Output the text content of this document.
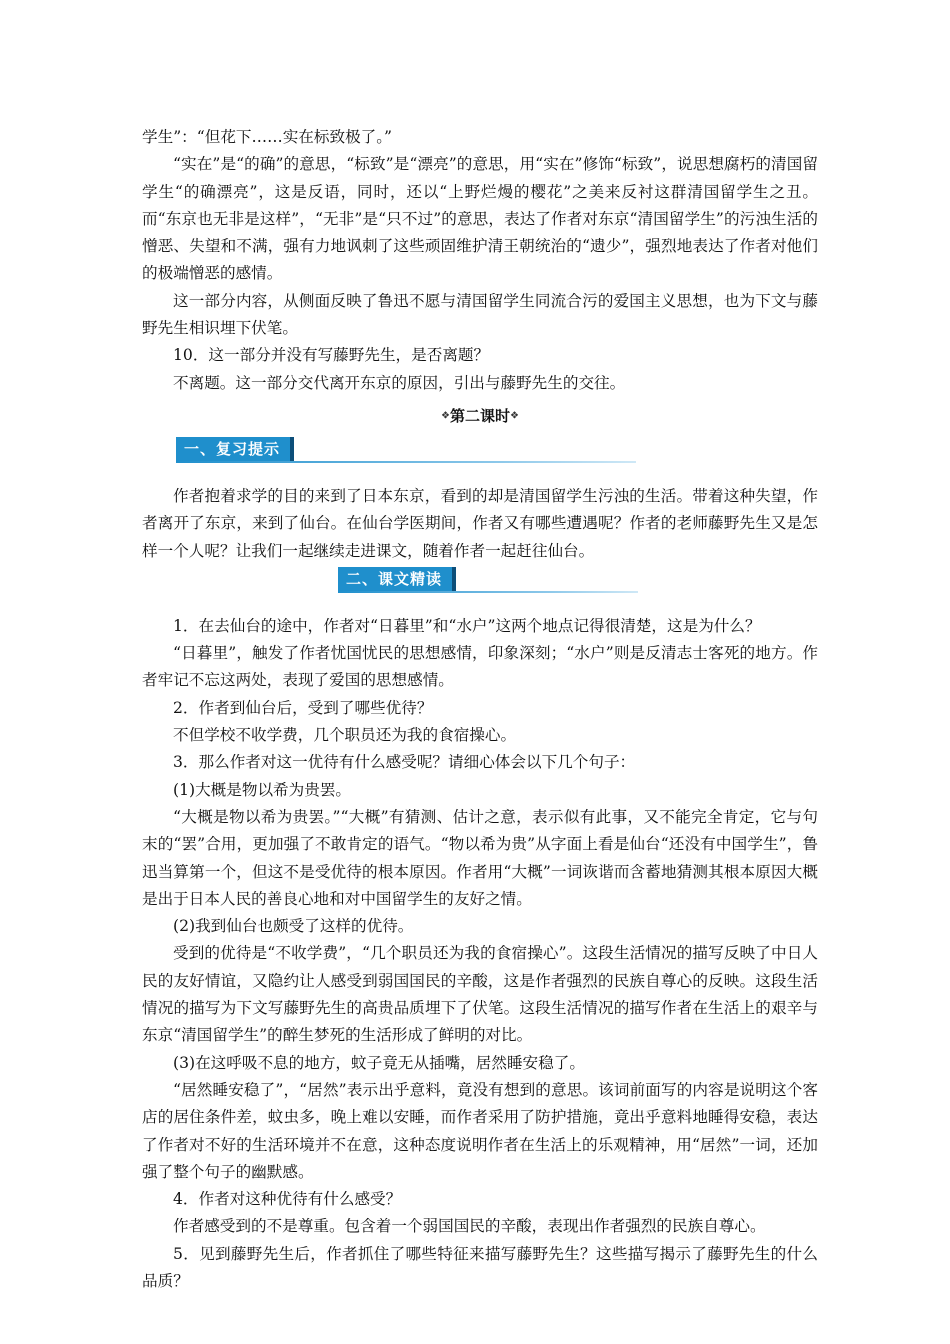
学生”：“但花下……实在标致极了。”

“实在”是“的确”的意思，“标致”是“漂亮”的意思，用“实在”修饰“标致”，说思想腐朽的清国留学生“的确漂亮”，这是反语，同时，还以“上野烂熳的樱花”之美来反衬这群清国留学生之丑。而“东京也无非是这样”，“无非”是“只不过”的意思，表达了作者对东京“清国留学生”的污浊生活的憎恶、失望和不满，强有力地讽刺了这些顽固维护清王朝统治的“遗少”，强烈地表达了作者对他们的极端憎恶的感情。

这一部分内容，从侧面反映了鲁迅不愿与清国留学生同流合污的爱国主义思想，也为下文与藤野先生相识埋下伏笔。

10．这一部分并没有写藤野先生，是否离题？

不离题。这一部分交代离开东京的原因，引出与藤野先生的交往。

❖第二课时❖
一、复习提示

作者抱着求学的目的来到了日本东京，看到的却是清国留学生污浊的生活。带着这种失望，作者离开了东京，来到了仙台。在仙台学医期间，作者又有哪些遭遇呢？作者的老师藤野先生又是怎样一个人呢？让我们一起继续走进课文，随着作者一起赶往仙台。

二、课文精读

1．在去仙台的途中，作者对“日暮里”和“水户”这两个地点记得很清楚，这是为什么？

“日暮里”，触发了作者忧国忧民的思想感情，印象深刻；“水户”则是反清志士客死的地方。作者牢记不忘这两处，表现了爱国的思想感情。

2．作者到仙台后，受到了哪些优待？

不但学校不收学费，几个职员还为我的食宿操心。

3．那么作者对这一优待有什么感受呢？请细心体会以下几个句子：

(1)大概是物以希为贵罢。

“大概是物以希为贵罢。”“大概”有猜测、估计之意，表示似有此事，又不能完全肯定，它与句末的“罢”合用，更加强了不敢肯定的语气。“物以希为贵”从字面上看是仙台“还没有中国学生”，鲁迅当算第一个，但这不是受优待的根本原因。作者用“大概”一词诙谐而含蓄地猜测其根本原因大概是出于日本人民的善良心地和对中国留学生的友好之情。

(2)我到仙台也颇受了这样的优待。

受到的优待是“不收学费”，“几个职员还为我的食宿操心”。这段生活情况的描写反映了中日人民的友好情谊，又隐约让人感受到弱国国民的辛酸，这是作者强烈的民族自尊心的反映。这段生活情况的描写为下文写藤野先生的高贵品质埋下了伏笔。这段生活情况的描写作者在生活上的艰辛与东京“清国留学生”的醉生梦死的生活形成了鲜明的对比。

(3)在这呼吸不息的地方，蚊子竟无从插嘴，居然睡安稳了。

“居然睡安稳了”，“居然”表示出乎意料，竟没有想到的意思。该词前面写的内容是说明这个客店的居住条件差，蚊虫多，晚上难以安睡，而作者采用了防护措施，竟出乎意料地睡得安稳，表达了作者对不好的生活环境并不在意，这种态度说明作者在生活上的乐观精神，用“居然”一词，还加强了整个句子的幽默感。

4．作者对这种优待有什么感受？

作者感受到的不是尊重。包含着一个弱国国民的辛酸，表现出作者强烈的民族自尊心。

5．见到藤野先生后，作者抓住了哪些特征来描写藤野先生？这些描写揭示了藤野先生的什么品质？
